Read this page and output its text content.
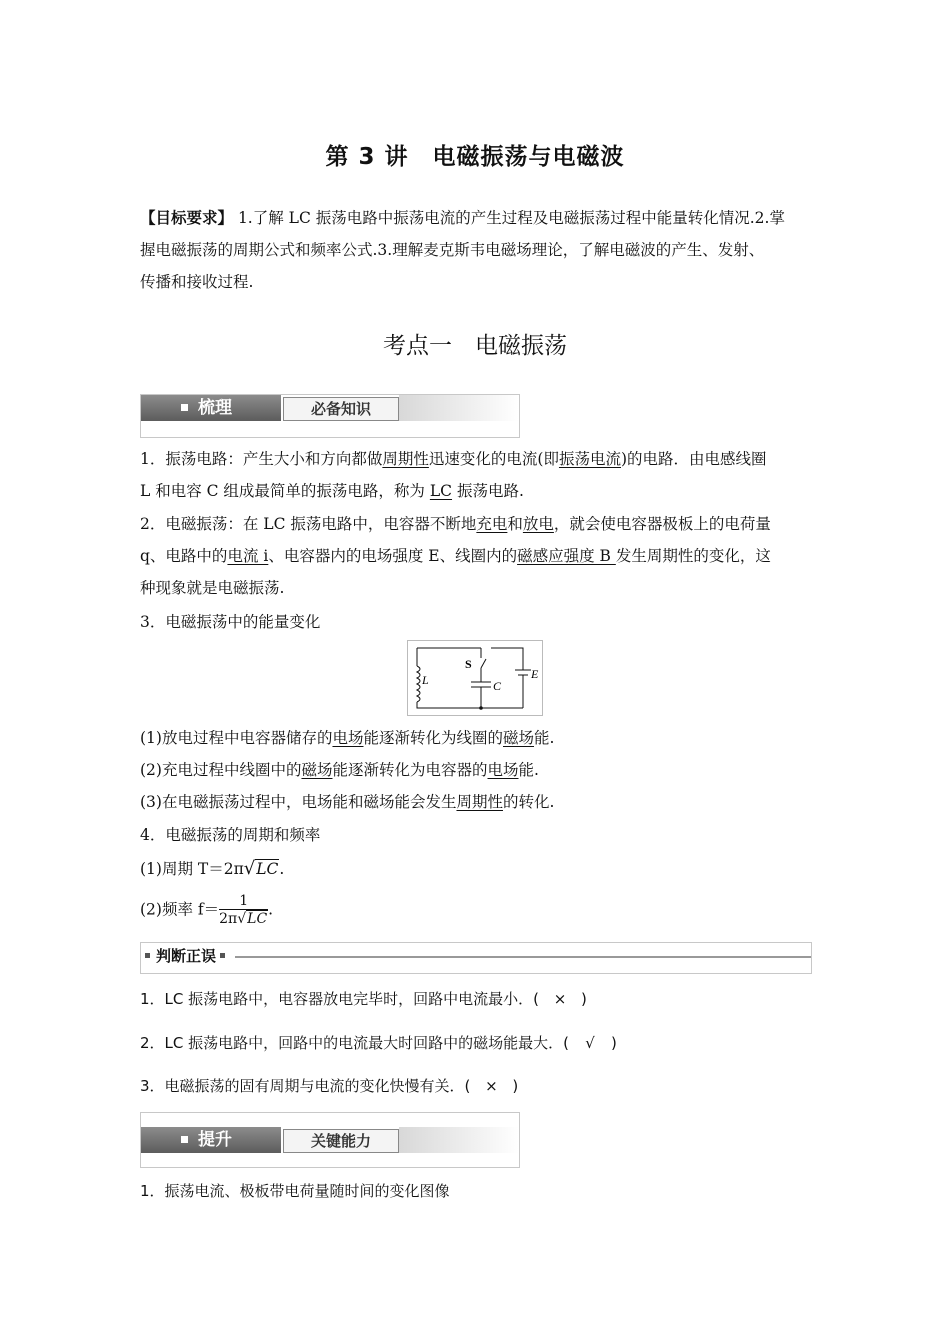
第 3 讲　电磁振荡与电磁波
【目标要求】 1.了解 LC 振荡电路中振荡电流的产生过程及电磁振荡过程中能量转化情况.2.掌
握电磁振荡的周期公式和频率公式.3.理解麦克斯韦电磁场理论，了解电磁波的产生、发射、
传播和接收过程.
考点一　电磁振荡
梳理	必备知识
1．振荡电路：产生大小和方向都做周期性迅速变化的电流(即振荡电流)的电路．由电感线圈
L 和电容 C 组成最简单的振荡电路，称为 LC 振荡电路.
2．电磁振荡：在 LC 振荡电路中，电容器不断地充电和放电，就会使电容器极板上的电荷量
q、电路中的电流 i、电容器内的电场强度 E、线圈内的磁感应强度 B 发生周期性的变化，这
种现象就是电磁振荡.
3．电磁振荡中的能量变化
L
S
C
E
(1)放电过程中电容器储存的电场能逐渐转化为线圈的磁场能.
(2)充电过程中线圈中的磁场能逐渐转化为电容器的电场能.
(3)在电磁振荡过程中，电场能和磁场能会发生周期性的转化.
4．电磁振荡的周期和频率
(1)周期 T＝2π√LC.
(2)频率 $f= \frac{1}{2\pi√LC}$ .
判断正误
1．LC 振荡电路中，电容器放电完毕时，回路中电流最小．( × )
2．LC 振荡电路中，回路中的电流最大时回路中的磁场能最大．( √ )
3．电磁振荡的固有周期与电流的变化快慢有关．( × )
提升	关键能力
1．振荡电流、极板带电荷量随时间的变化图像
